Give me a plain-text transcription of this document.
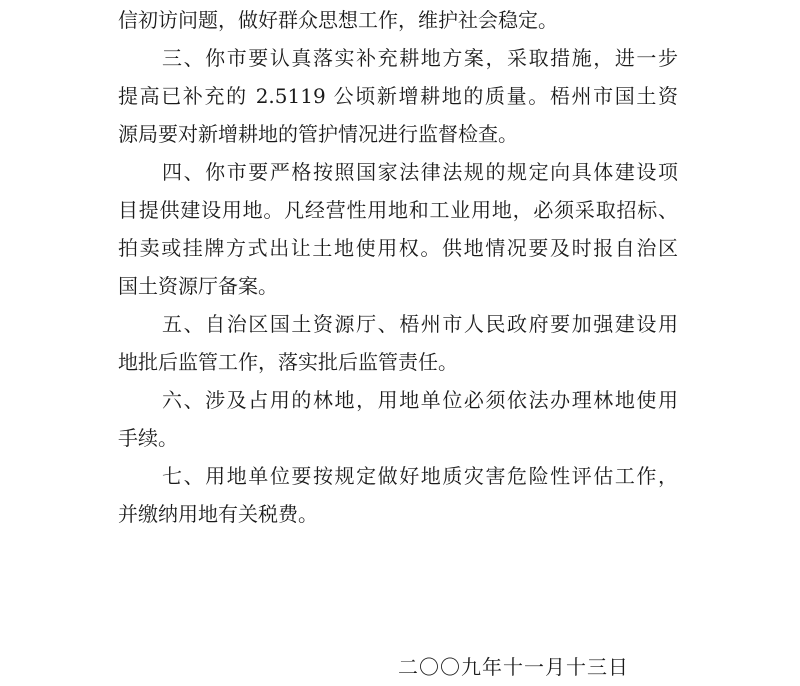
信初访问题，做好群众思想工作，维护社会稳定。
三、你市要认真落实补充耕地方案，采取措施，进一步
提高已补充的 2.5119 公顷新增耕地的质量。梧州市国土资
源局要对新增耕地的管护情况进行监督检查。
四、你市要严格按照国家法律法规的规定向具体建设项
目提供建设用地。凡经营性用地和工业用地，必须采取招标、
拍卖或挂牌方式出让土地使用权。供地情况要及时报自治区
国土资源厅备案。
五、自治区国土资源厅、梧州市人民政府要加强建设用
地批后监管工作，落实批后监管责任。
六、涉及占用的林地，用地单位必须依法办理林地使用
手续。
七、用地单位要按规定做好地质灾害危险性评估工作，
并缴纳用地有关税费。
二〇〇九年十一月十三日
